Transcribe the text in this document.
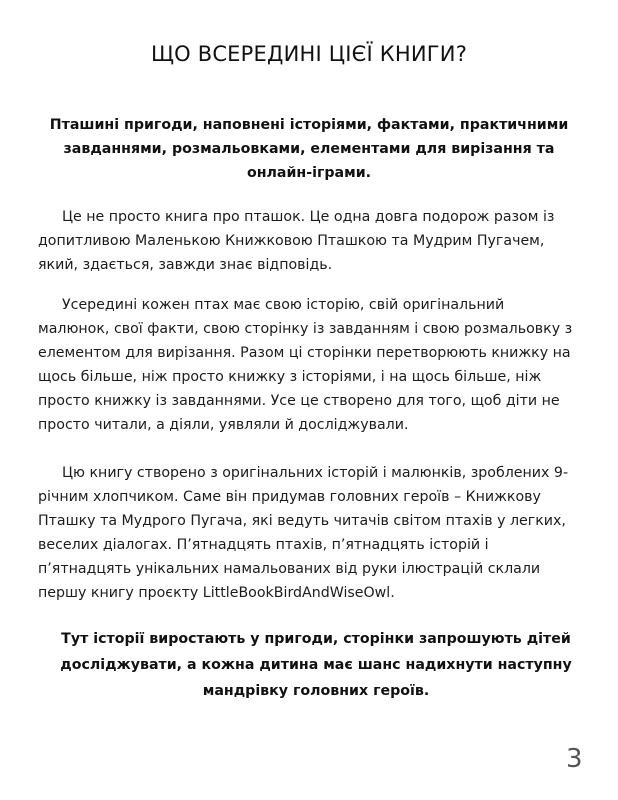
ЩО ВСЕРЕДИНІ ЦІЄЇ КНИГИ?
Пташині пригоди, наповнені історіями, фактами, практичними завданнями, розмальовками, елементами для вирізання та онлайн-іграми.
Це не просто книга про пташок. Це одна довга подорож разом із допитливою Маленькою Книжковою Пташкою та Мудрим Пугачем, який, здається, завжди знає відповідь.
Усередині кожен птах має свою історію, свій оригінальний малюнок, свої факти, свою сторінку із завданням і свою розмальовку з елементом для вирізання. Разом ці сторінки перетворюють книжку на щось більше, ніж просто книжку з історіями, і на щось більше, ніж просто книжку із завданнями. Усе це створено для того, щоб діти не просто читали, а діяли, уявляли й досліджували.
Цю книгу створено з оригінальних історій і малюнків, зроблених 9-річним хлопчиком. Саме він придумав головних героїв – Книжкову Пташку та Мудрого Пугача, які ведуть читачів світом птахів у легких, веселих діалогах. П’ятнадцять птахів, п’ятнадцять історій і п’ятнадцять унікальних намальованих від руки ілюстрацій склали першу книгу проєкту LittleBookBirdAndWiseOwl.
Тут історії виростають у пригоди, сторінки запрошують дітей досліджувати, а кожна дитина має шанс надихнути наступну мандрівку головних героїв.
3
